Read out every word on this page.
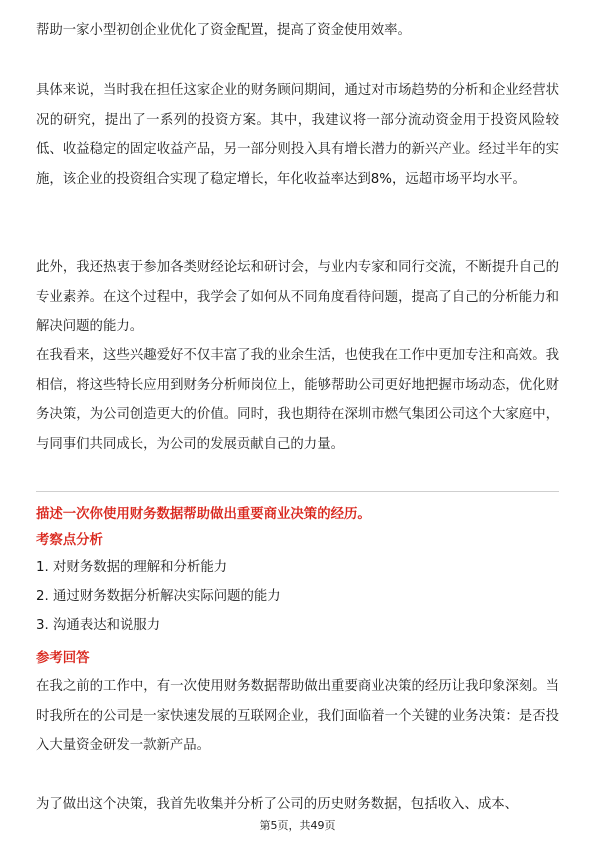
帮助一家小型初创企业优化了资金配置，提高了资金使用效率。

具体来说，当时我在担任这家企业的财务顾问期间，通过对市场趋势的分析和企业经营状况的研究，提出了一系列的投资方案。其中，我建议将一部分流动资金用于投资风险较低、收益稳定的固定收益产品，另一部分则投入具有增长潜力的新兴产业。经过半年的实施，该企业的投资组合实现了稳定增长，年化收益率达到8%，远超市场平均水平。

此外，我还热衷于参加各类财经论坛和研讨会，与业内专家和同行交流，不断提升自己的专业素养。在这个过程中，我学会了如何从不同角度看待问题，提高了自己的分析能力和解决问题的能力。

在我看来，这些兴趣爱好不仅丰富了我的业余生活，也使我在工作中更加专注和高效。我相信，将这些特长应用到财务分析师岗位上，能够帮助公司更好地把握市场动态，优化财务决策，为公司创造更大的价值。同时，我也期待在深圳市燃气集团公司这个大家庭中，与同事们共同成长，为公司的发展贡献自己的力量。

描述一次你使用财务数据帮助做出重要商业决策的经历。
考察点分析
1. 对财务数据的理解和分析能力
2. 通过财务数据分析解决实际问题的能力
3. 沟通表达和说服力
参考回答

在我之前的工作中，有一次使用财务数据帮助做出重要商业决策的经历让我印象深刻。当时我所在的公司是一家快速发展的互联网企业，我们面临着一个关键的业务决策：是否投入大量资金研发一款新产品。

为了做出这个决策，我首先收集并分析了公司的历史财务数据，包括收入、成本、

第5页，共49页
